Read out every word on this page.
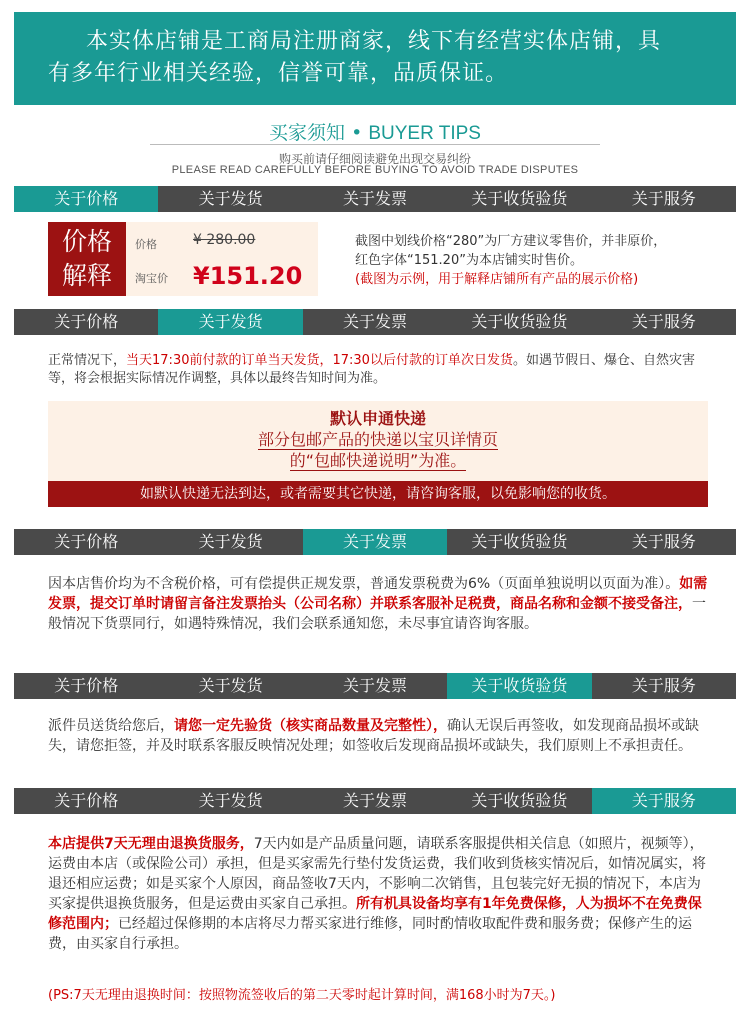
本实体店铺是工商局注册商家，线下有经营实体店铺，具

有多年行业相关经验，信誉可靠，品质保证。

买家须知 • BUYER TIPS
购买前请仔细阅读避免出现交易纠纷
PLEASE READ CAREFULLY BEFORE BUYING TO AVOID TRADE DISPUTES
关于价格	关于发货	关于发票	关于收货验货	关于服务
价格
解释
价格	¥ 280.00
淘宝价 ¥151.20
截图中划线价格“280”为厂方建议零售价，并非原价，
红色字体“151.20”为本店铺实时售价。
(截图为示例，用于解释店铺所有产品的展示价格)
关于价格	关于发货	关于发票	关于收货验货	关于服务
正常情况下，当天17:30前付款的订单当天发货，17:30以后付款的订单次日发货。如遇节假日、爆仓、自然灾害等，将会根据实际情况作调整，具体以最终告知时间为准。
默认申通快递
部分包邮产品的快递以宝贝详情页
的“包邮快递说明”为准。
如默认快递无法到达，或者需要其它快递，请咨询客服，以免影响您的收货。
关于价格	关于发货	关于发票	关于收货验货	关于服务
因本店售价均为不含税价格，可有偿提供正规发票，普通发票税费为6%（页面单独说明以页面为准）。如需发票，提交订单时请留言备注发票抬头（公司名称）并联系客服补足税费，商品名称和金额不接受备注，一般情况下货票同行，如遇特殊情况，我们会联系通知您，未尽事宜请咨询客服。
关于价格	关于发货	关于发票	关于收货验货	关于服务
派件员送货给您后，请您一定先验货（核实商品数量及完整性），确认无误后再签收，如发现商品损坏或缺失，请您拒签，并及时联系客服反映情况处理；如签收后发现商品损坏或缺失，我们原则上不承担责任。
关于价格	关于发货	关于发票	关于收货验货	关于服务
本店提供7天无理由退换货服务，7天内如是产品质量问题，请联系客服提供相关信息（如照片，视频等），运费由本店（或保险公司）承担，但是买家需先行垫付发货运费，我们收到货核实情况后，如情况属实，将退还相应运费；如是买家个人原因，商品签收7天内，不影响二次销售，且包装完好无损的情况下，本店为买家提供退换货服务，但是运费由买家自己承担。所有机具设备均享有1年免费保修，人为损坏不在免费保修范围内；已经超过保修期的本店将尽力帮买家进行维修，同时酌情收取配件费和服务费；保修产生的运费，由买家自行承担。
(PS:7天无理由退换时间：按照物流签收后的第二天零时起计算时间，满168小时为7天。)
